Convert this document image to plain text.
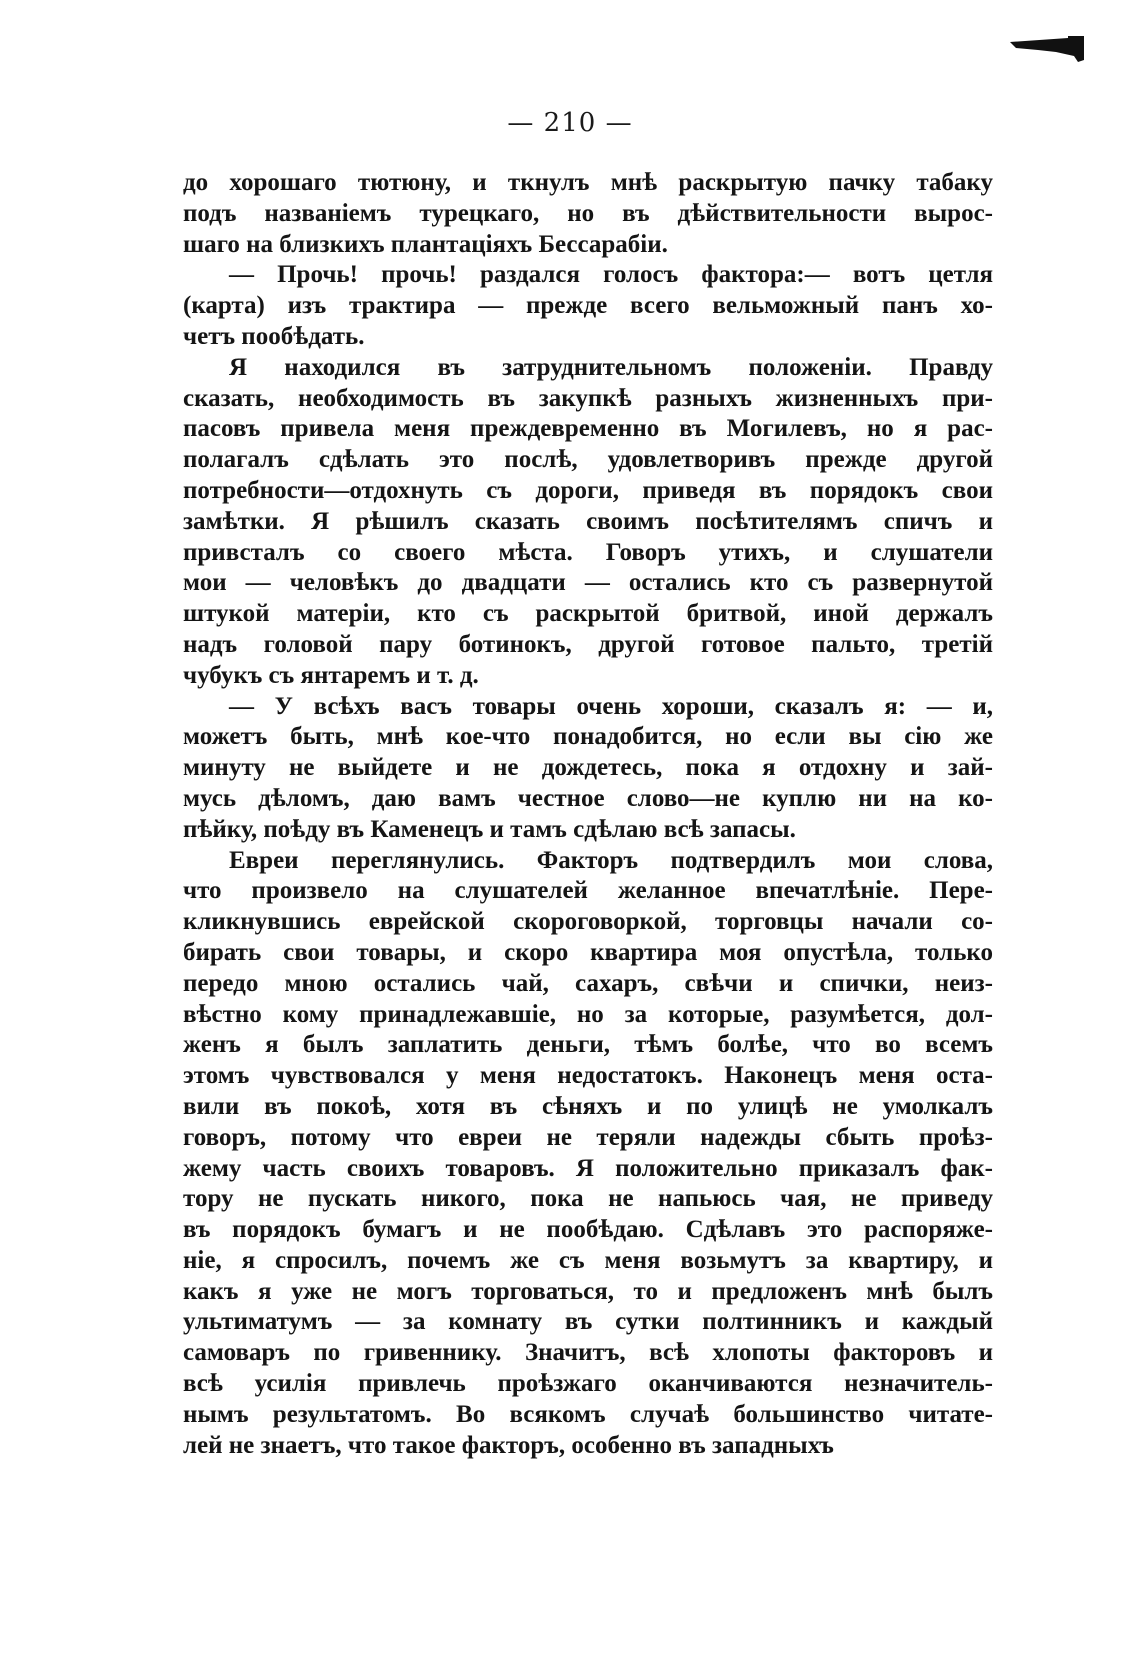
— 210 —
до хорошаго тютюну, и ткнулъ мнѣ раскрытую пачку табаку
подъ названіемъ турецкаго, но въ дѣйствительности вырос-
шаго на близкихъ плантаціяхъ Бессарабіи.
— Прочь! прочь! раздался голосъ фактора:— вотъ цетля
(карта) изъ трактира — прежде всего вельможный панъ хо-
четъ пообѣдать.
Я находился въ затруднительномъ положеніи. Правду
сказать, необходимость въ закупкѣ разныхъ жизненныхъ при-
пасовъ привела меня преждевременно въ Могилевъ, но я рас-
полагалъ сдѣлать это послѣ, удовлетворивъ прежде другой
потребности—отдохнуть съ дороги, приведя въ порядокъ свои
замѣтки. Я рѣшилъ сказать своимъ посѣтителямъ спичъ и
привсталъ со своего мѣста. Говоръ утихъ, и слушатели
мои — человѣкъ до двадцати — остались кто съ развернутой
штукой матеріи, кто съ раскрытой бритвой, иной держалъ
надъ головой пару ботинокъ, другой готовое пальто, третій
чубукъ съ янтаремъ и т. д.
— У всѣхъ васъ товары очень хороши, сказалъ я: — и,
можетъ быть, мнѣ кое-что понадобится, но если вы сію же
минуту не выйдете и не дождетесь, пока я отдохну и зай-
мусь дѣломъ, даю вамъ честное слово—не куплю ни на ко-
пѣйку, поѣду въ Каменецъ и тамъ сдѣлаю всѣ запасы.
Евреи переглянулись. Факторъ подтвердилъ мои слова,
что произвело на слушателей желанное впечатлѣніе. Пере-
кликнувшись еврейской скороговоркой, торговцы начали со-
бирать свои товары, и скоро квартира моя опустѣла, только
передо мною остались чай, сахаръ, свѣчи и спички, неиз-
вѣстно кому принадлежавшіе, но за которые, разумѣется, дол-
женъ я былъ заплатить деньги, тѣмъ болѣе, что во всемъ
этомъ чувствовался у меня недостатокъ. Наконецъ меня оста-
вили въ покоѣ, хотя въ сѣняхъ и по улицѣ не умолкалъ
говоръ, потому что евреи не теряли надежды сбыть проѣз-
жему часть своихъ товаровъ. Я положительно приказалъ фак-
тору не пускать никого, пока не напьюсь чая, не приведу
въ порядокъ бумагъ и не пообѣдаю. Сдѣлавъ это распоряже-
ніе, я спросилъ, почемъ же съ меня возьмутъ за квартиру, и
какъ я уже не могъ торговаться, то и предложенъ мнѣ былъ
ультиматумъ — за комнату въ сутки полтинникъ и каждый
самоваръ по гривеннику. Значитъ, всѣ хлопоты факторовъ и
всѣ усилія привлечь проѣзжаго оканчиваются незначитель-
нымъ результатомъ. Во всякомъ случаѣ большинство читате-
лей не знаетъ, что такое факторъ, особенно въ западныхъ
